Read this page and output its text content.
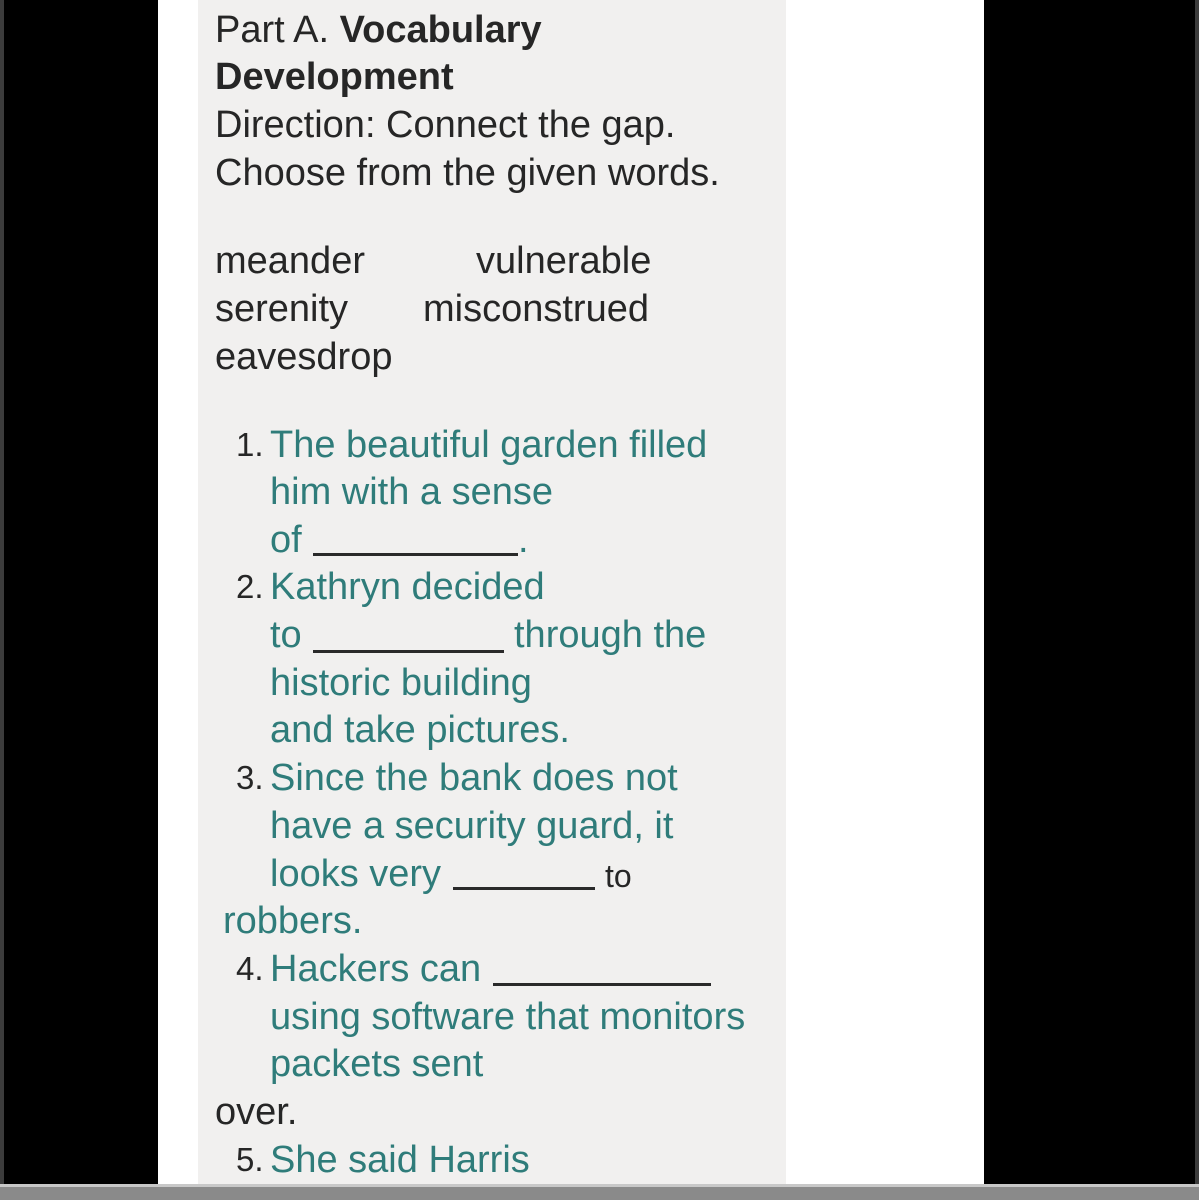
Part A. Vocabulary
Development
Direction: Connect the gap.
Choose from the given words.
meander	vulnerable
serenity misconstrued
eavesdrop
1. The beautiful garden filled
him with a sense
of	.
2. Kathryn decided
to	through the
historic building
and take pictures.
3. Since the bank does not
have a security guard, it
looks very	to
robbers.
4. Hackers can
using software that monitors
packets sent
over.
5. She said Harris
